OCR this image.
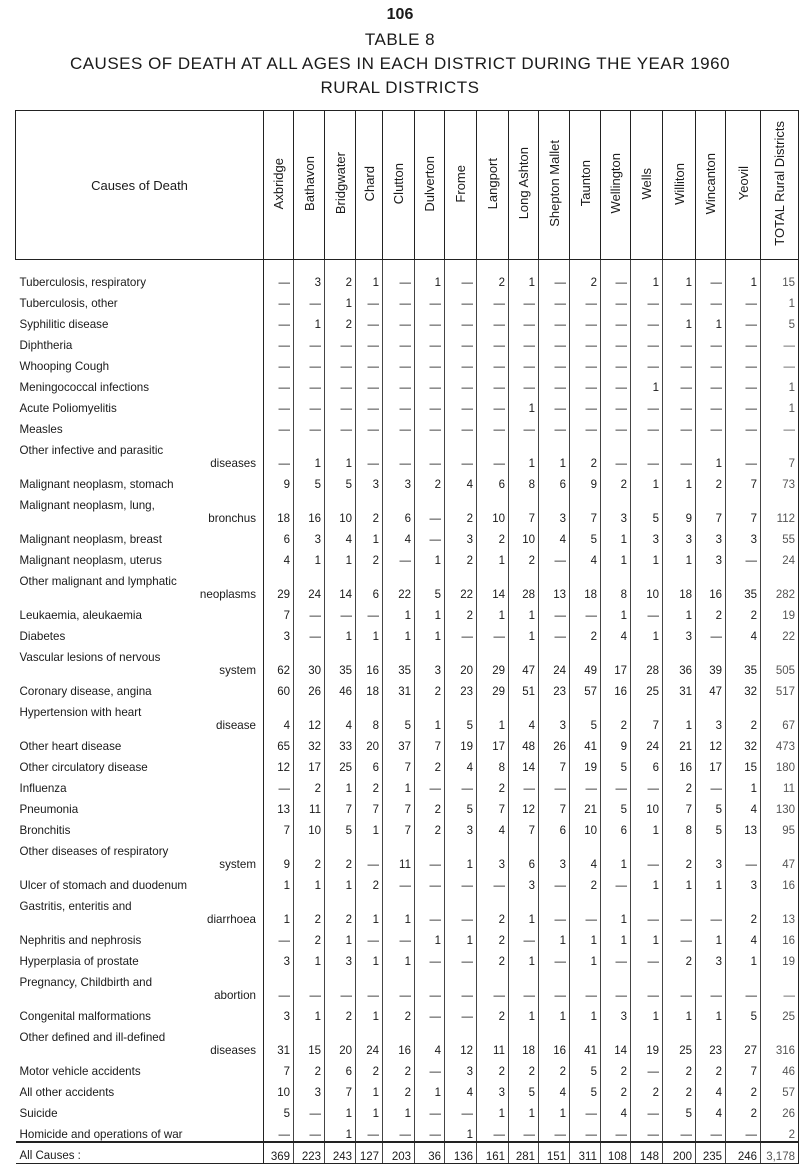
106
TABLE 8
CAUSES OF DEATH AT ALL AGES IN EACH DISTRICT DURING THE YEAR 1960
RURAL DISTRICTS
Causes of Death	Axbridge	Bathavon	Bridgwater	Chard	Clutton	Dulverton	Frome	Langport	Long Ashton	Shepton Mallet	Taunton	Wellington	Wells	Williton	Wincanton	Yeovil	TOTAL Rural Districts

Tuberculosis, respiratory	—	3	2	1	—	1	—	2	1	—	2	—	1	1	—	1	15
Tuberculosis, other	—	—	1	—	—	—	—	—	—	—	—	—	—	—	—	—	1
Syphilitic disease	—	1	2	—	—	—	—	—	—	—	—	—	—	1	1	—	5
Diphtheria	—	—	—	—	—	—	—	—	—	—	—	—	—	—	—	—	—
Whooping Cough	—	—	—	—	—	—	—	—	—	—	—	—	—	—	—	—	—
Meningococcal infections	—	—	—	—	—	—	—	—	—	—	—	—	1	—	—	—	1
Acute Poliomyelitis	—	—	—	—	—	—	—	—	1	—	—	—	—	—	—	—	1
Measles	—	—	—	—	—	—	—	—	—	—	—	—	—	—	—	—	—
Other infective and parasitic
diseases	—	1	1	—	—	—	—	—	1	1	2	—	—	—	1	—	7
Malignant neoplasm, stomach	9	5	5	3	3	2	4	6	8	6	9	2	1	1	2	7	73
Malignant neoplasm, lung,
bronchus	18	16	10	2	6	—	2	10	7	3	7	3	5	9	7	7	112
Malignant neoplasm, breast	6	3	4	1	4	—	3	2	10	4	5	1	3	3	3	3	55
Malignant neoplasm, uterus	4	1	1	2	—	1	2	1	2	—	4	1	1	1	3	—	24
Other malignant and lymphatic
neoplasms	29	24	14	6	22	5	22	14	28	13	18	8	10	18	16	35	282
Leukaemia, aleukaemia	7	—	—	—	1	1	2	1	1	—	—	1	—	1	2	2	19
Diabetes	3	—	1	1	1	1	—	—	1	—	2	4	1	3	—	4	22
Vascular lesions of nervous
system	62	30	35	16	35	3	20	29	47	24	49	17	28	36	39	35	505
Coronary disease, angina	60	26	46	18	31	2	23	29	51	23	57	16	25	31	47	32	517
Hypertension with heart
disease	4	12	4	8	5	1	5	1	4	3	5	2	7	1	3	2	67
Other heart disease	65	32	33	20	37	7	19	17	48	26	41	9	24	21	12	32	473
Other circulatory disease	12	17	25	6	7	2	4	8	14	7	19	5	6	16	17	15	180
Influenza	—	2	1	2	1	—	—	2	—	—	—	—	—	2	—	1	11
Pneumonia	13	11	7	7	7	2	5	7	12	7	21	5	10	7	5	4	130
Bronchitis	7	10	5	1	7	2	3	4	7	6	10	6	1	8	5	13	95
Other diseases of respiratory
system	9	2	2	—	11	—	1	3	6	3	4	1	—	2	3	—	47
Ulcer of stomach and duodenum	1	1	1	2	—	—	—	—	3	—	2	—	1	1	1	3	16
Gastritis, enteritis and
diarrhoea	1	2	2	1	1	—	—	2	1	—	—	1	—	—	—	2	13
Nephritis and nephrosis	—	2	1	—	—	1	1	2	—	1	1	1	1	—	1	4	16
Hyperplasia of prostate	3	1	3	1	1	—	—	2	1	—	1	—	—	2	3	1	19
Pregnancy, Childbirth and
abortion	—	—	—	—	—	—	—	—	—	—	—	—	—	—	—	—	—
Congenital malformations	3	1	2	1	2	—	—	2	1	1	1	3	1	1	1	5	25
Other defined and ill-defined
diseases	31	15	20	24	16	4	12	11	18	16	41	14	19	25	23	27	316
Motor vehicle accidents	7	2	6	2	2	—	3	2	2	2	5	2	—	2	2	7	46
All other accidents	10	3	7	1	2	1	4	3	5	4	5	2	2	2	4	2	57
Suicide	5	—	1	1	1	—	—	1	1	1	—	4	—	5	4	2	26
Homicide and operations of war	—	—	1	—	—	—	1	—	—	—	—	—	—	—	—	—	2
All Causes :	369	223	243	127	203	36	136	161	281	151	311	108	148	200	235	246	3,178
